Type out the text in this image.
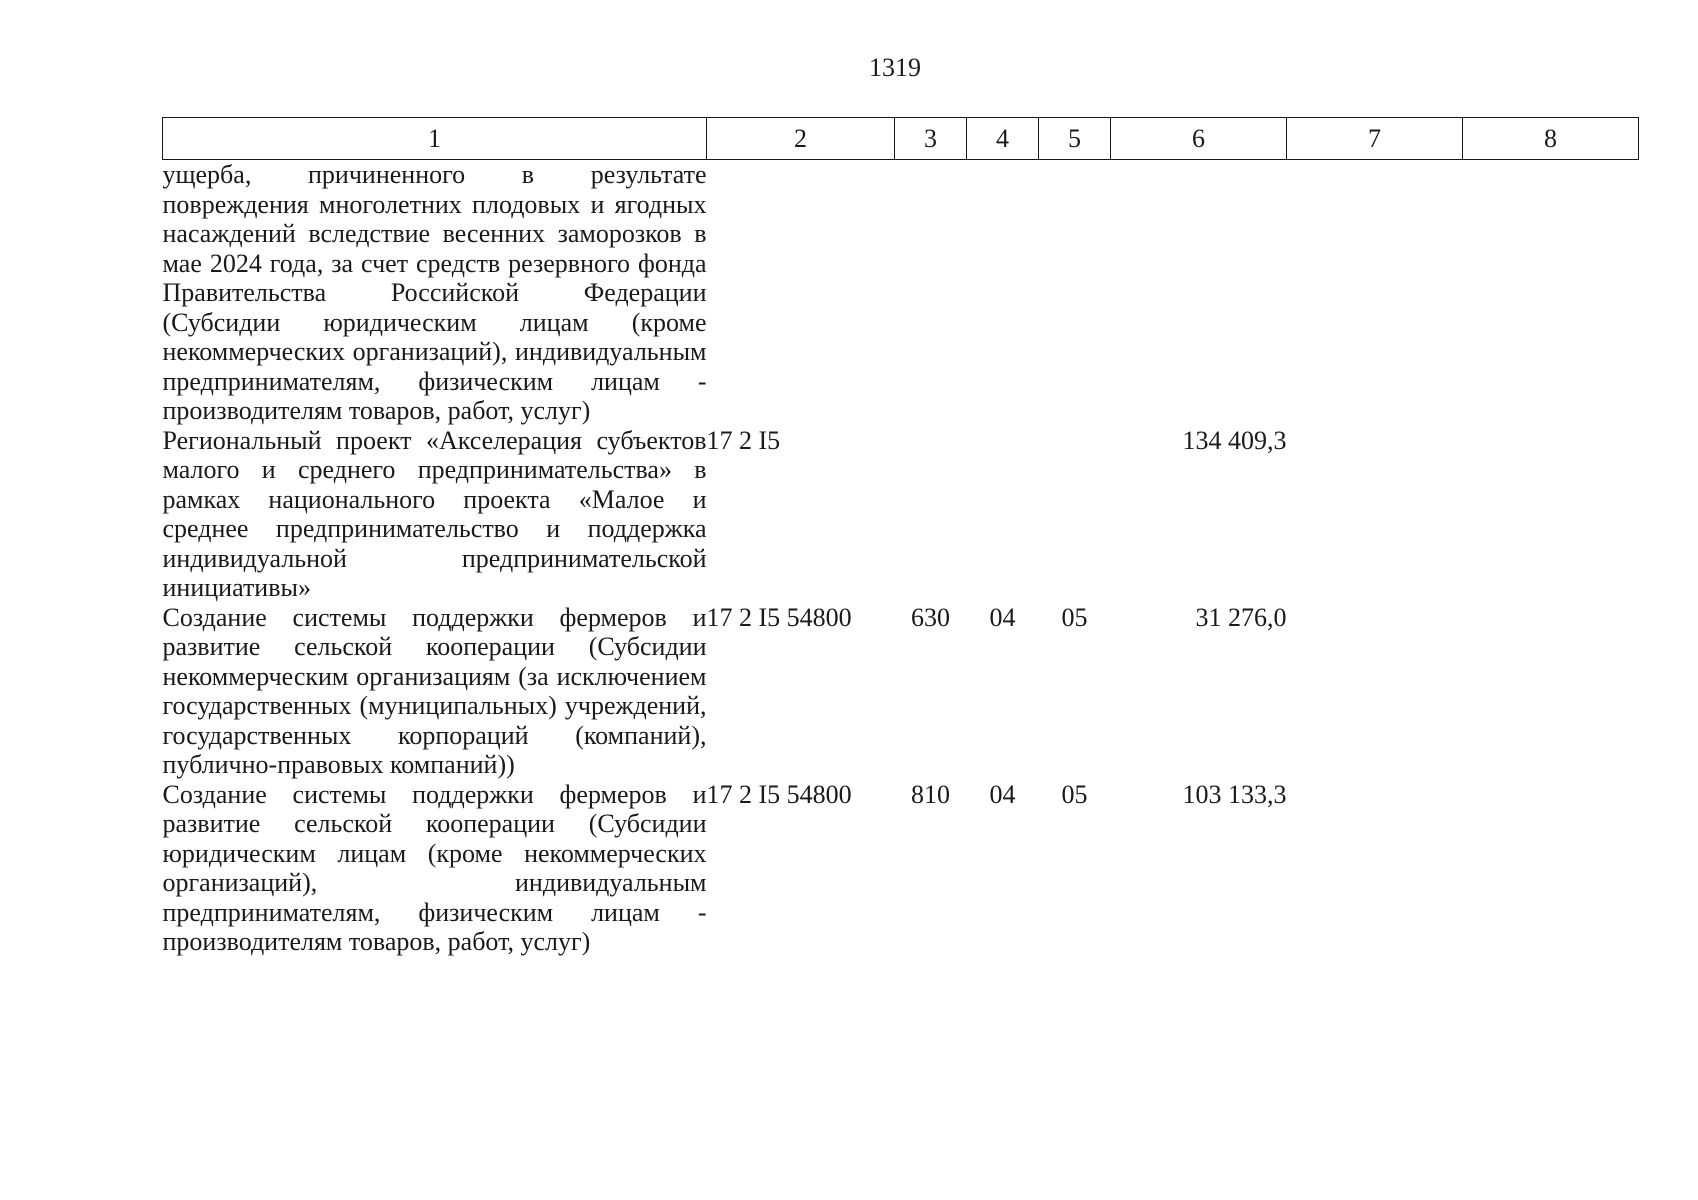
1319
1	2	3	4	5	6	7	8
ущерба, причиненного в результате повреждения многолетних плодовых и ягодных насаждений вследствие весенних заморозков в мае 2024 года, за счет средств резервного фонда Правительства Российской Федерации (Субсидии юридическим лицам (кроме некоммерческих организаций), индивидуальным предпринимателям, физическим лицам - производителям товаров, работ, услуг)							
Региональный проект «Акселерация субъектов малого и среднего предпринимательства» в рамках национального проекта «Малое и среднее предпринимательство и поддержка индивидуальной предпринимательской инициативы»	17 2 I5				134 409,3		
Создание системы поддержки фермеров и развитие сельской кооперации (Субсидии некоммерческим организациям (за исключением государственных (муниципальных) учреждений, государственных корпораций (компаний), публично-правовых компаний))	17 2 I5 54800	630	04	05	31 276,0		
Создание системы поддержки фермеров и развитие сельской кооперации (Субсидии юридическим лицам (кроме некоммерческих организаций), индивидуальным предпринимателям, физическим лицам - производителям товаров, работ, услуг)	17 2 I5 54800	810	04	05	103 133,3		
